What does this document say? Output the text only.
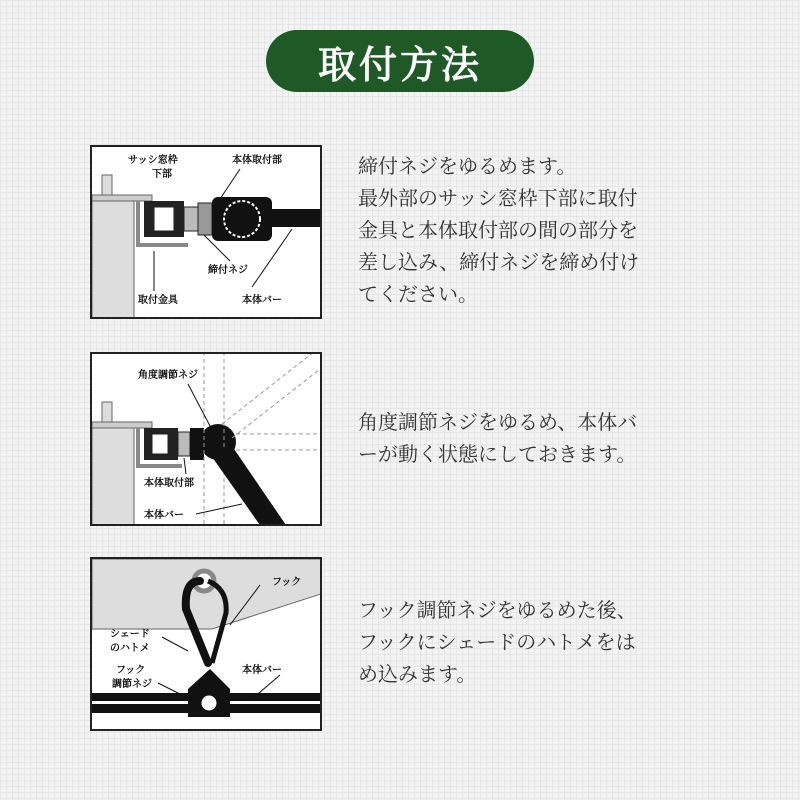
取付方法
サッシ窓枠
下部
本体取付部
締付ネジ
取付金具	本体バー
締付ネジをゆるめます。
最外部のサッシ窓枠下部に取付
金具と本体取付部の間の部分を
差し込み、締付ネジを締め付け
てください。
角度調節ネジ
本体取付部
本体バー
角度調節ネジをゆるめ、本体バ
ーが動く状態にしておきます。
フック
シェード
のハトメ
フック
調節ネジ
本体バー
フック調節ネジをゆるめた後、
フックにシェードのハトメをは
め込みます。
